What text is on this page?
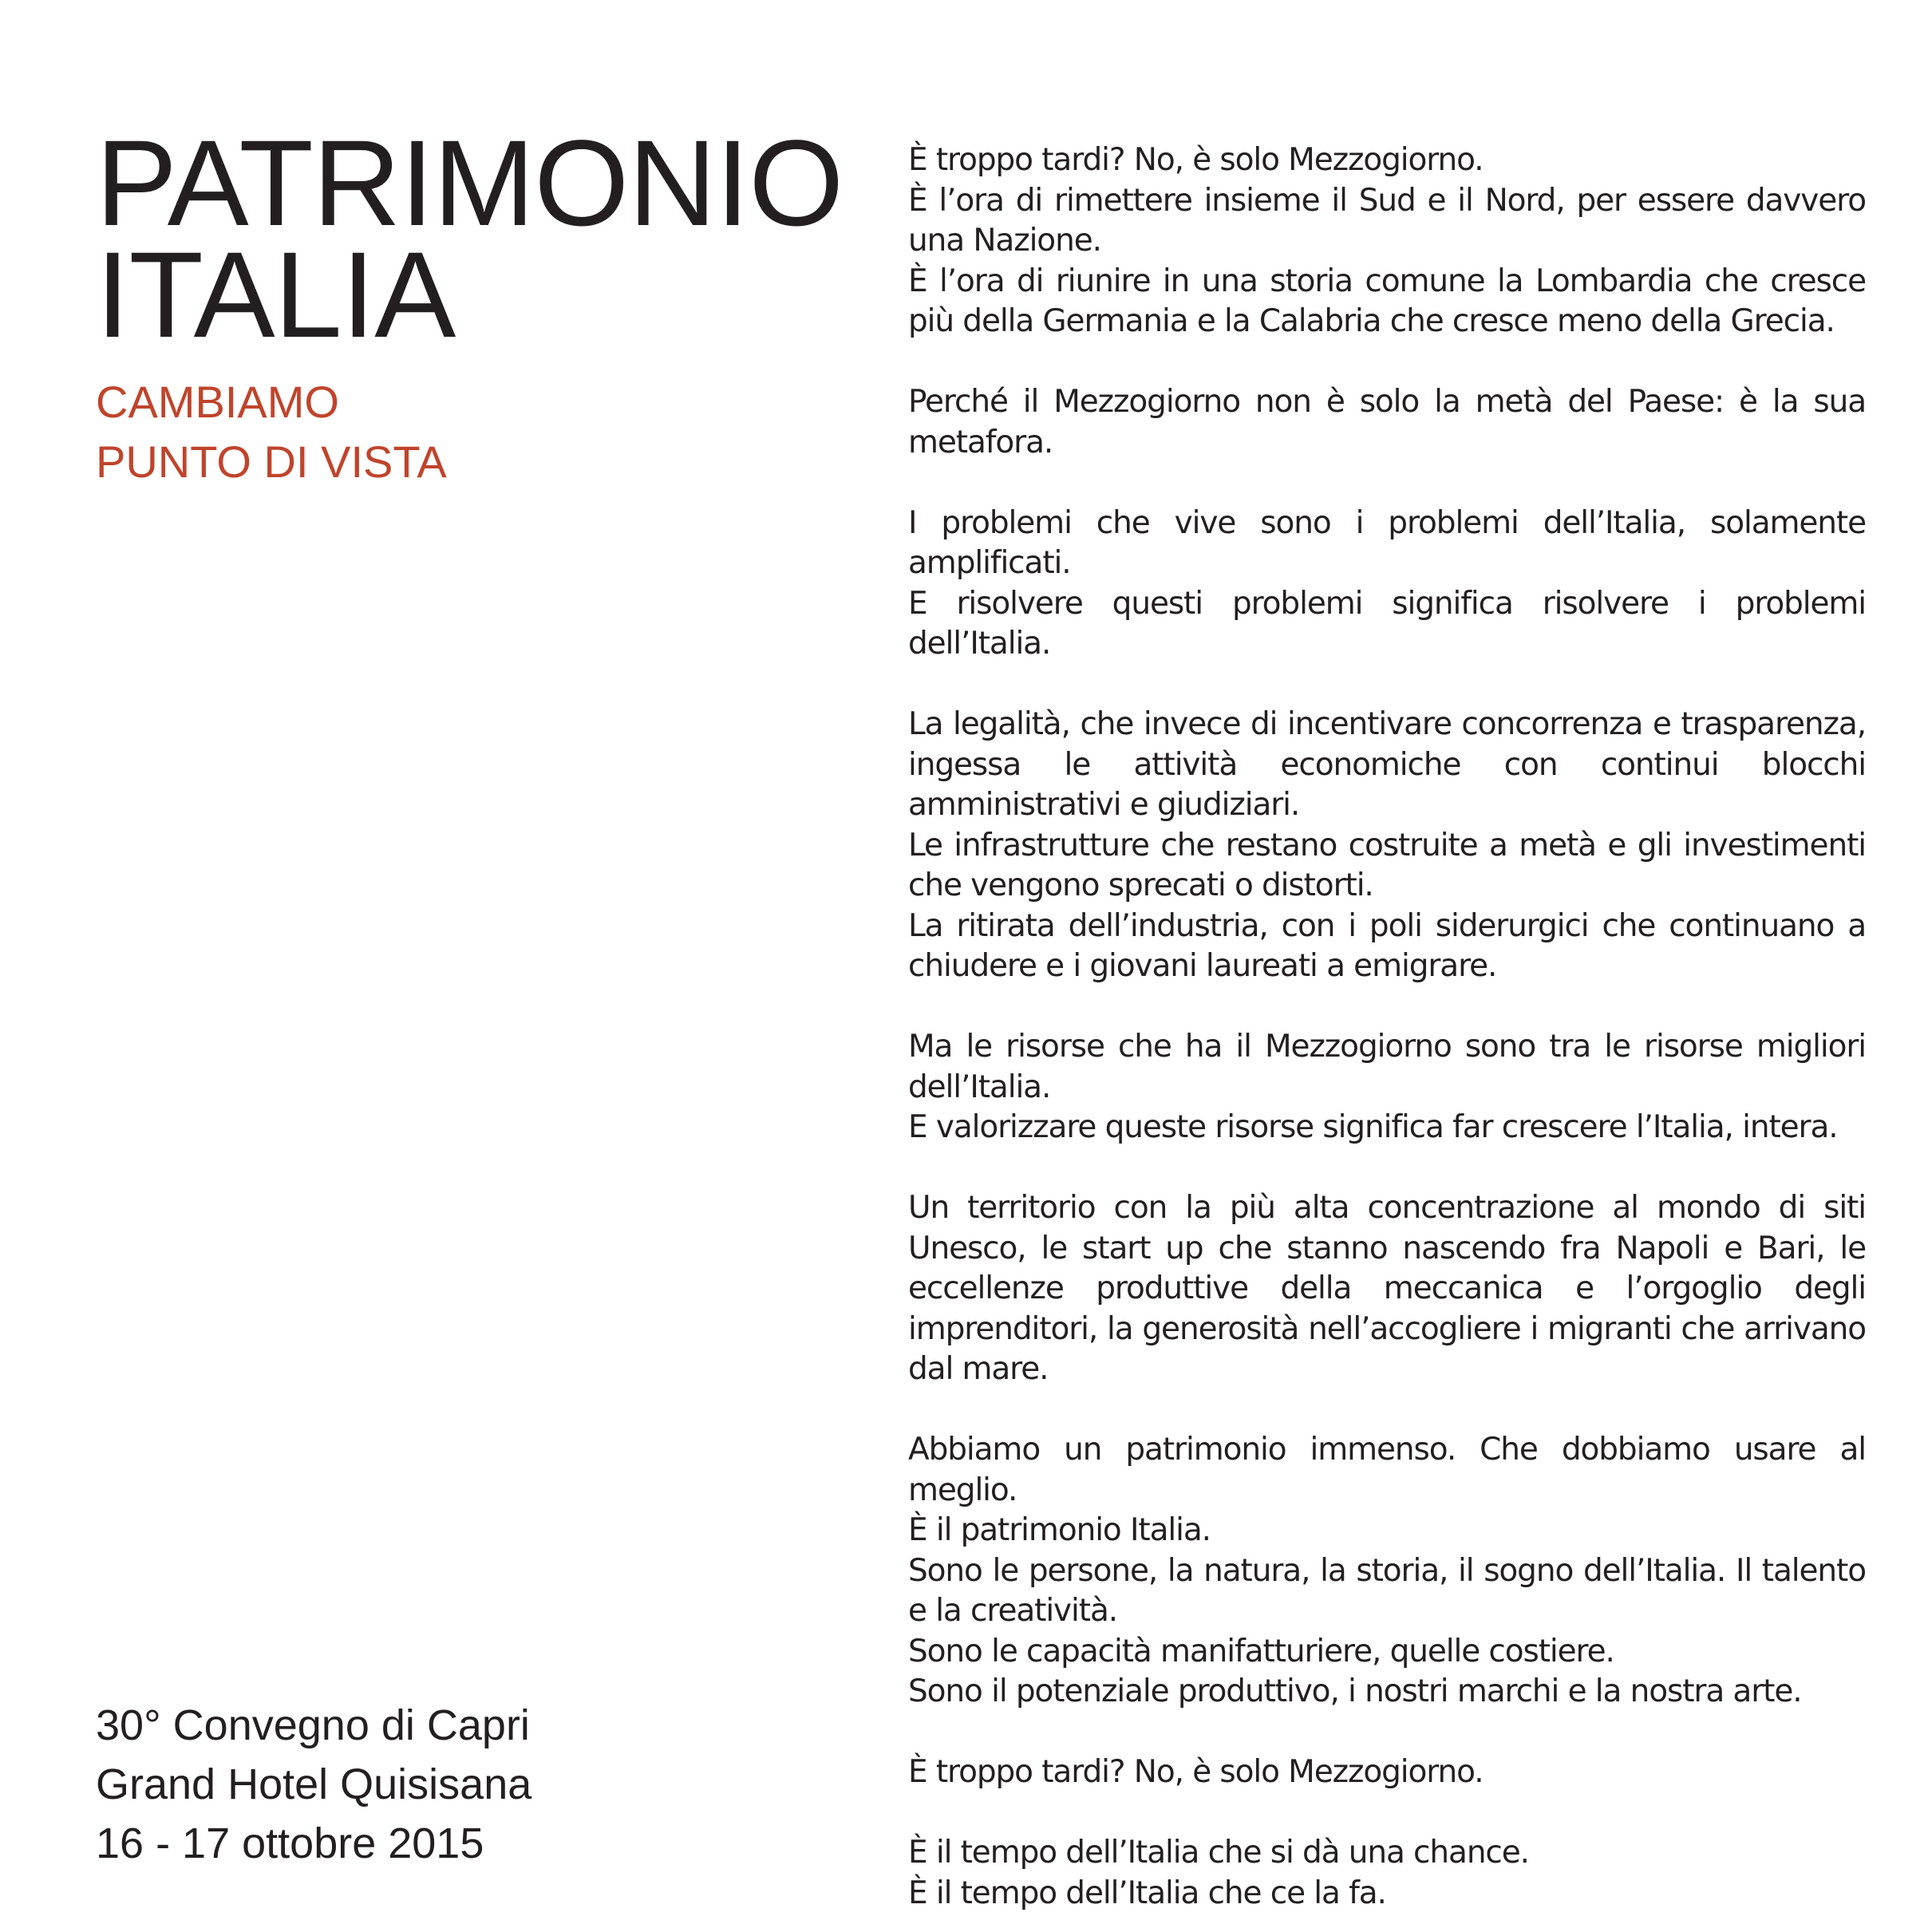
PATRIMONIO
ITALIA
CAMBIAMO
PUNTO DI VISTA
30° Convegno di Capri
Grand Hotel Quisisana
16 - 17 ottobre 2015

È troppo tardi? No, è solo Mezzogiorno.
È l’ora di rimettere insieme il Sud e il Nord, per essere davvero una Nazione.
È l’ora di riunire in una storia comune la Lombardia che cresce più della Germania e la Calabria che cresce meno della Grecia.

Perché il Mezzogiorno non è solo la metà del Paese: è la sua metafora.

I problemi che vive sono i problemi dell’Italia, solamente amplificati.
E risolvere questi problemi significa risolvere i problemi dell’Italia.

La legalità, che invece di incentivare concorrenza e trasparenza, ingessa le attività economiche con continui blocchi amministrativi e giudiziari.
Le infrastrutture che restano costruite a metà e gli investimenti che vengono sprecati o distorti.
La ritirata dell’industria, con i poli siderurgici che continuano a chiudere e i giovani laureati a emigrare.

Ma le risorse che ha il Mezzogiorno sono tra le risorse migliori dell’Italia.
E valorizzare queste risorse significa far crescere l’Italia, intera.

Un territorio con la più alta concentrazione al mondo di siti Unesco, le start up che stanno nascendo fra Napoli e Bari, le eccellenze produttive della meccanica e l’orgoglio degli imprenditori, la generosità nell’accogliere i migranti che arrivano dal mare.

Abbiamo un patrimonio immenso. Che dobbiamo usare al meglio.
È il patrimonio Italia.
Sono le persone, la natura, la storia, il sogno dell’Italia. Il talento e la creatività.
Sono le capacità manifatturiere, quelle costiere.
Sono il potenziale produttivo, i nostri marchi e la nostra arte.

È troppo tardi? No, è solo Mezzogiorno.

È il tempo dell’Italia che si dà una chance.
È il tempo dell’Italia che ce la fa.
